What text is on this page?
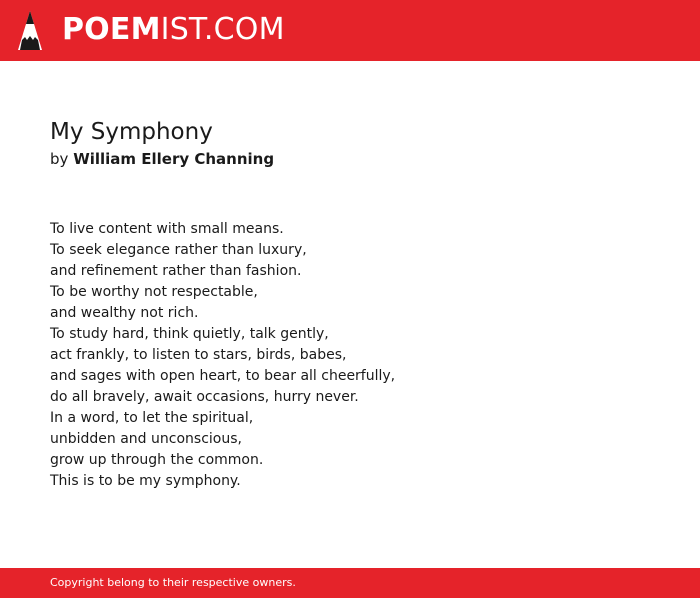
POEMIST.COM
My Symphony
by William Ellery Channing
To live content with small means.
To seek elegance rather than luxury,
and refinement rather than fashion.
To be worthy not respectable,
and wealthy not rich.
To study hard, think quietly, talk gently,
act frankly, to listen to stars, birds, babes,
and sages with open heart, to bear all cheerfully,
do all bravely, await occasions, hurry never.
In a word, to let the spiritual,
unbidden and unconscious,
grow up through the common.
This is to be my symphony.
Copyright belong to their respective owners.
